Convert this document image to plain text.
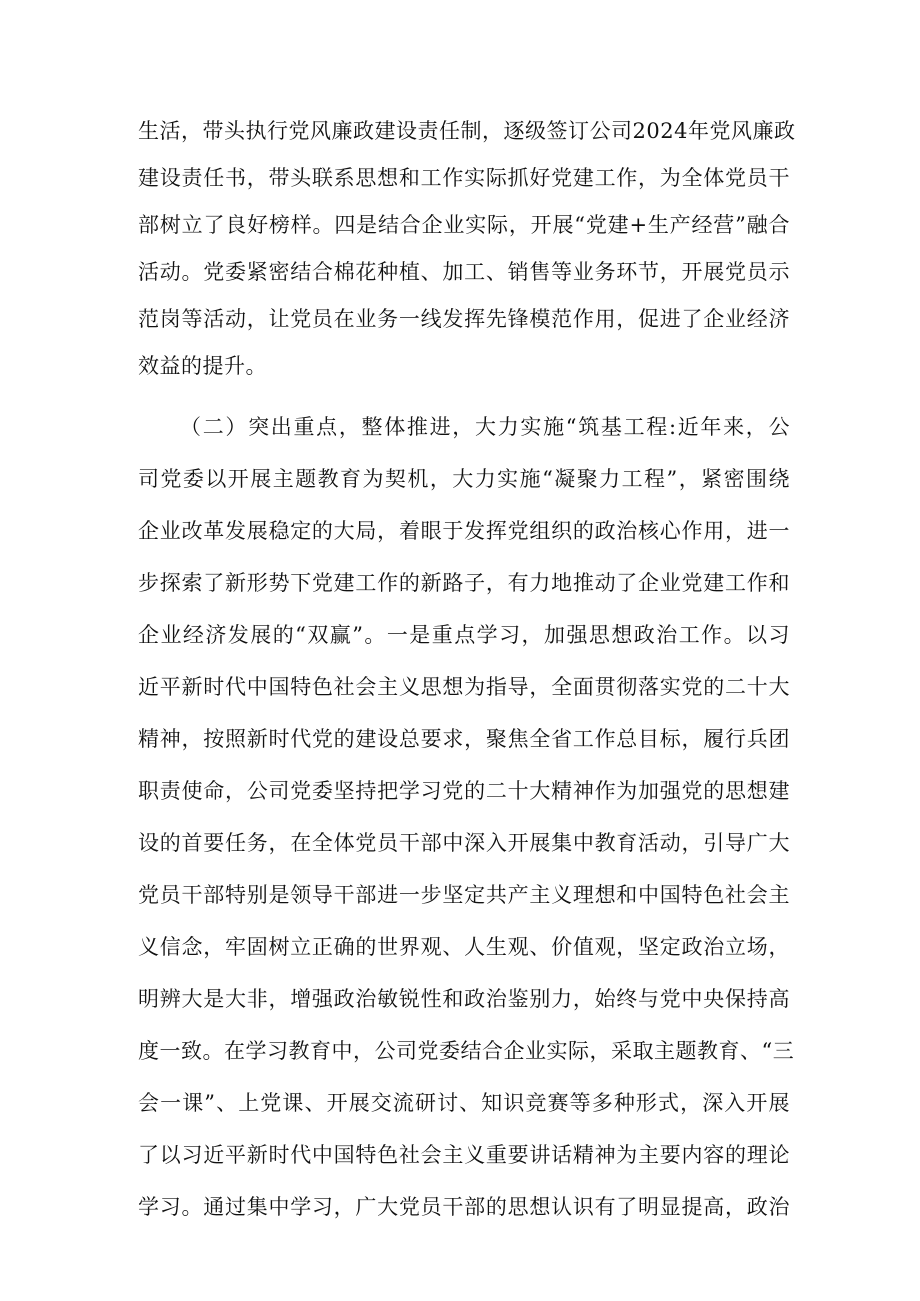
生活，带头执行党风廉政建设责任制，逐级签订公司2024年党风廉政
建设责任书，带头联系思想和工作实际抓好党建工作，为全体党员干
部树立了良好榜样。四是结合企业实际，开展“党建+生产经营”融合
活动。党委紧密结合棉花种植、加工、销售等业务环节，开展党员示
范岗等活动，让党员在业务一线发挥先锋模范作用，促进了企业经济
效益的提升。
（二）突出重点，整体推进，大力实施“筑基工程:近年来，公
司党委以开展主题教育为契机，大力实施“凝聚力工程”，紧密围绕
企业改革发展稳定的大局，着眼于发挥党组织的政治核心作用，进一
步探索了新形势下党建工作的新路子，有力地推动了企业党建工作和
企业经济发展的“双赢”。一是重点学习，加强思想政治工作。以习
近平新时代中国特色社会主义思想为指导，全面贯彻落实党的二十大
精神，按照新时代党的建设总要求，聚焦全省工作总目标，履行兵团
职责使命，公司党委坚持把学习党的二十大精神作为加强党的思想建
设的首要任务，在全体党员干部中深入开展集中教育活动，引导广大
党员干部特别是领导干部进一步坚定共产主义理想和中国特色社会主
义信念，牢固树立正确的世界观、人生观、价值观，坚定政治立场，
明辨大是大非，增强政治敏锐性和政治鉴别力，始终与党中央保持高
度一致。在学习教育中，公司党委结合企业实际，采取主题教育、“三
会一课”、上党课、开展交流研讨、知识竞赛等多种形式，深入开展
了以习近平新时代中国特色社会主义重要讲话精神为主要内容的理论
学习。通过集中学习，广大党员干部的思想认识有了明显提高，政治
